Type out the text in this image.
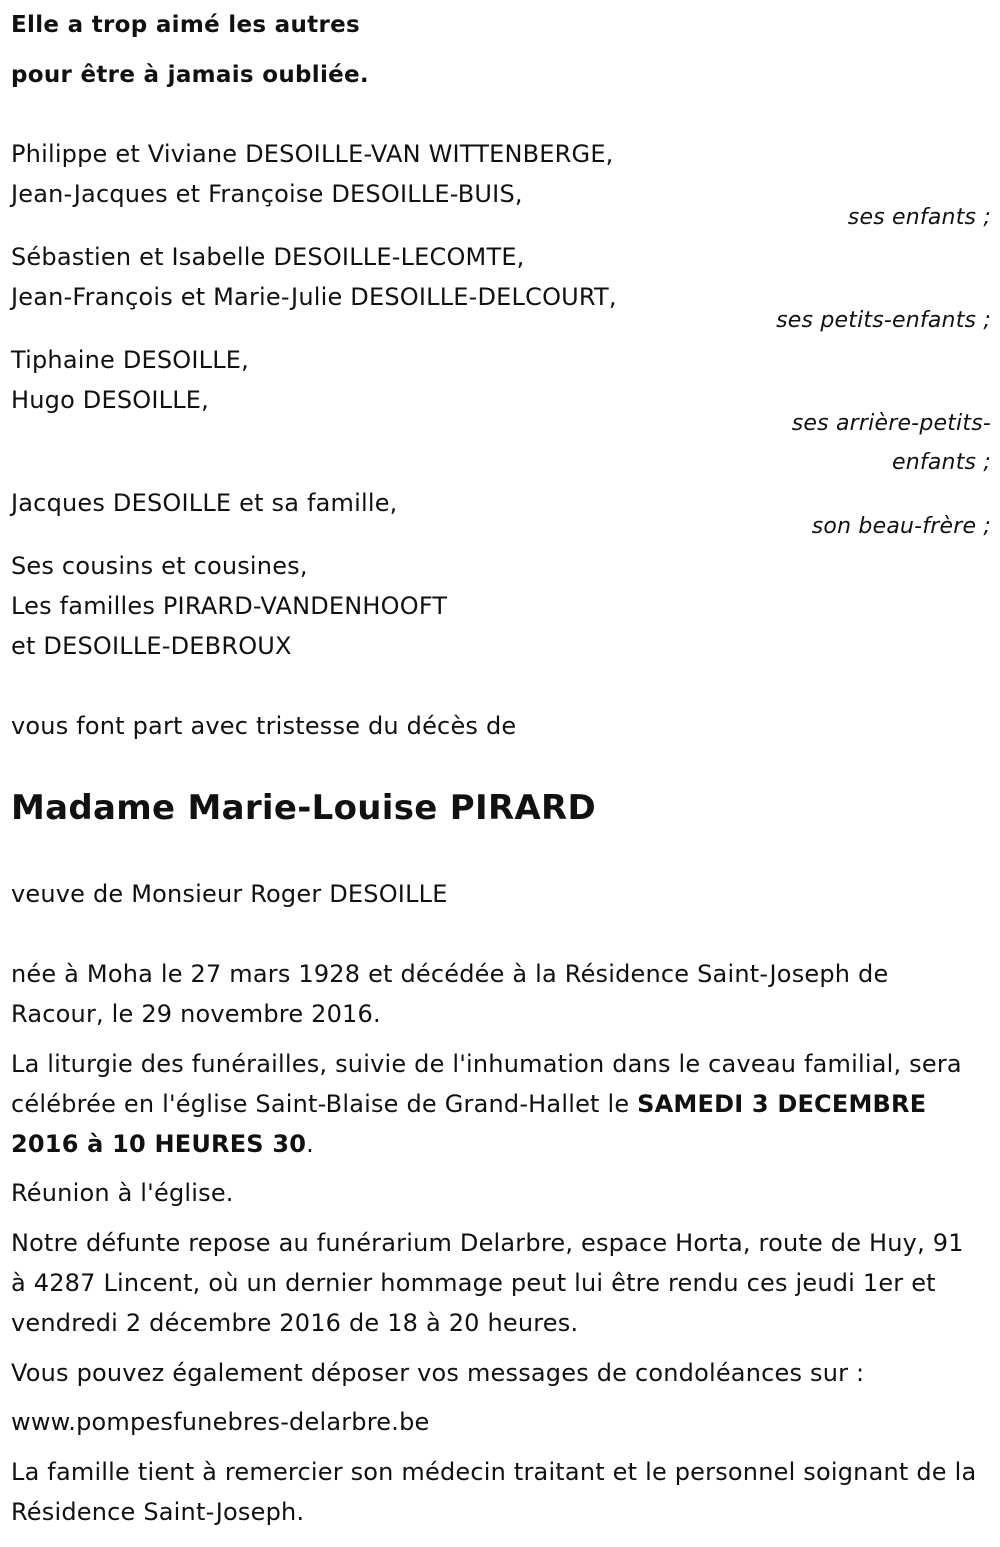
Elle a trop aimé les autres
pour être à jamais oubliée.
Philippe et Viviane DESOILLE-VAN WITTENBERGE,
Jean-Jacques et Françoise DESOILLE-BUIS,
ses enfants ;
Sébastien et Isabelle DESOILLE-LECOMTE,
Jean-François et Marie-Julie DESOILLE-DELCOURT,
ses petits-enfants ;
Tiphaine DESOILLE,
Hugo DESOILLE,
ses arrière-petits-
enfants ;
Jacques DESOILLE et sa famille,
son beau-frère ;
Ses cousins et cousines,
Les familles PIRARD-VANDENHOOFT
et DESOILLE-DEBROUX
vous font part avec tristesse du décès de
Madame Marie-Louise PIRARD
veuve de Monsieur Roger DESOILLE
née à Moha le 27 mars 1928 et décédée à la Résidence Saint-Joseph de Racour, le 29 novembre 2016.
La liturgie des funérailles, suivie de l'inhumation dans le caveau familial, sera célébrée en l'église Saint-Blaise de Grand-Hallet le SAMEDI 3 DECEMBRE 2016 à 10 HEURES 30.
Réunion à l'église.
Notre défunte repose au funérarium Delarbre, espace Horta, route de Huy, 91 à 4287 Lincent, où un dernier hommage peut lui être rendu ces jeudi 1er et vendredi 2 décembre 2016 de 18 à 20 heures.
Vous pouvez également déposer vos messages de condoléances sur :
www.pompesfunebres-delarbre.be
La famille tient à remercier son médecin traitant et le personnel soignant de la Résidence Saint-Joseph.
